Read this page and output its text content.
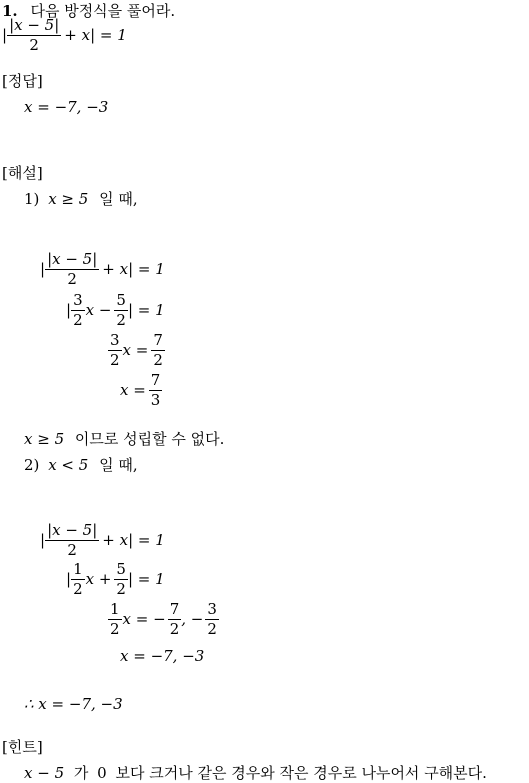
1. 다음 방정식을 풀어라.
| $\frac{|x - 5|}{2} + x| = 1$
[정답]
x = −7, −3
[해설]
1) x ≥ 5 일 때,
| $\frac{|x - 5|}{2} + x| = 1$
| $\frac{3}{2}$ $x - \frac{5}{2}$ | = 1
$\frac{3}{2}$ $x = \frac{7}{2}$
$x = \frac{7}{3}$
x ≥ 5 이므로 성립할 수 없다.
2) x < 5 일 때,
| $\frac{|x - 5|}{2} + x| = 1$
| $\frac{1}{2}$ $x + \frac{5}{2}$ | = 1
$\frac{1}{2}$ x = − $\frac{7}{2}$ , − $\frac{3}{2}$
x = −7, −3
∴ x = −7, −3
[힌트]
x − 5 가 0 보다 크거나 같은 경우와 작은 경우로 나누어서 구해본다.
